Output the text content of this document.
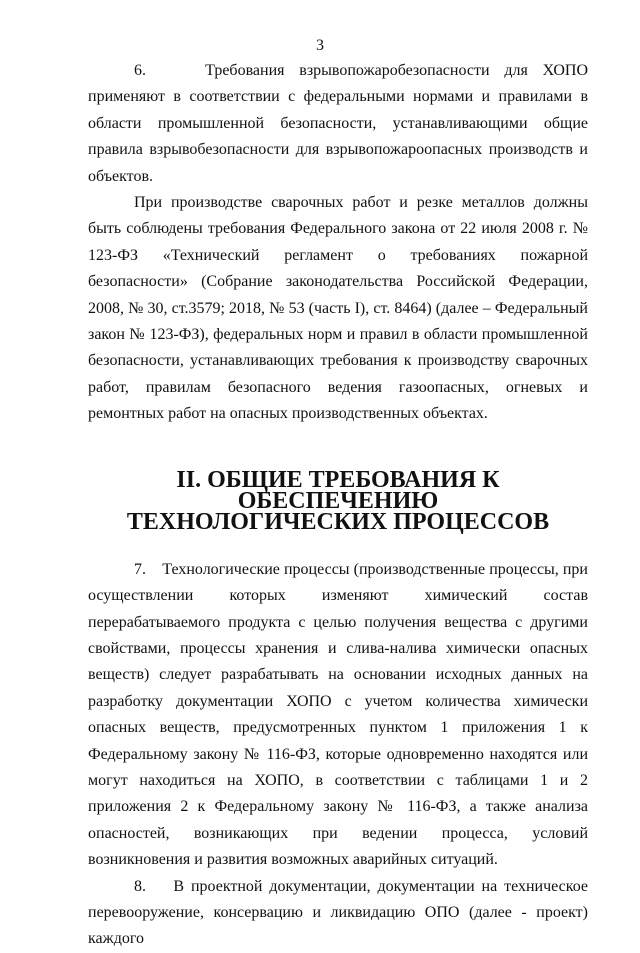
3

6.    Требования взрывопожаробезопасности для ХОПО применяют в соответствии с федеральными нормами и правилами в области промышленной безопасности, устанавливающими общие правила взрывобезопасности для взрывопожароопасных производств и объектов.

При производстве сварочных работ и резке металлов должны быть соблюдены требования Федерального закона от 22 июля 2008 г. № 123-ФЗ «Технический регламент о требованиях пожарной безопасности» (Собрание законодательства Российской Федерации, 2008, № 30, ст.3579; 2018, № 53 (часть I), ст. 8464) (далее – Федеральный закон № 123-ФЗ), федеральных норм и правил в области промышленной безопасности, устанавливающих требования к производству сварочных работ, правилам безопасного ведения газоопасных, огневых и ремонтных работ на опасных производственных объектах.

II. ОБЩИЕ ТРЕБОВАНИЯ К ОБЕСПЕЧЕНИЮ
ТЕХНОЛОГИЧЕСКИХ ПРОЦЕССОВ

7.    Технологические процессы (производственные процессы, при осуществлении которых изменяют химический состав перерабатываемого продукта с целью получения вещества с другими свойствами, процессы хранения и слива-налива химически опасных веществ) следует разрабатывать на основании исходных данных на разработку документации ХОПО с учетом количества химически опасных веществ, предусмотренных пунктом 1 приложения 1 к Федеральному закону № 116-ФЗ, которые одновременно находятся или могут находиться на ХОПО, в соответствии с таблицами 1 и 2 приложения 2 к Федеральному закону № 116-ФЗ, а также анализа опасностей, возникающих при ведении процесса, условий возникновения и развития возможных аварийных ситуаций.

8.    В проектной документации, документации на техническое перевооружение, консервацию и ликвидацию ОПО (далее - проект) каждого
